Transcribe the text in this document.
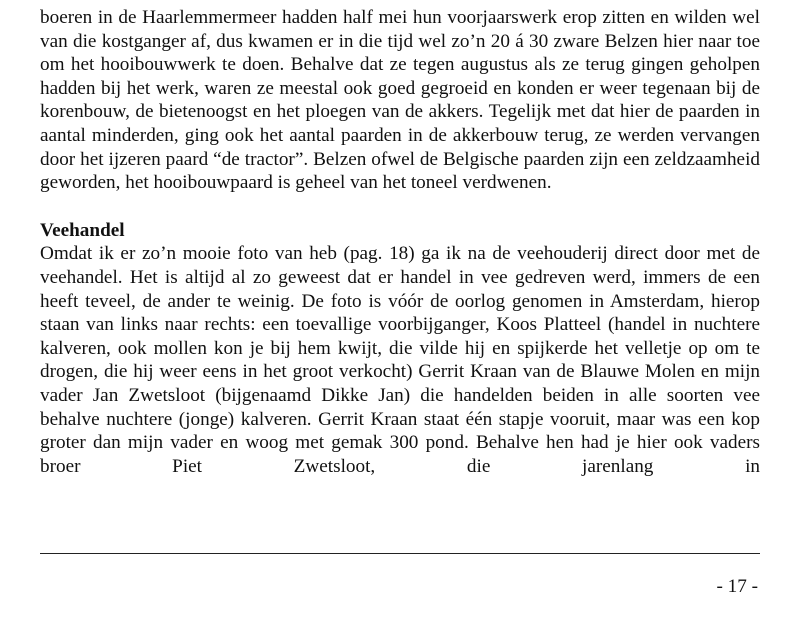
boeren in de Haarlemmermeer hadden half mei hun voorjaarswerk erop zitten en wilden wel van die kostganger af, dus kwamen er in die tijd wel zo’n 20 á 30 zware Belzen hier naar toe om het hooibouwwerk te doen. Behalve dat ze tegen augustus als ze terug gingen geholpen hadden bij het werk, waren ze meestal ook goed gegroeid en konden er weer tegenaan bij de korenbouw, de bietenoogst en het ploegen van de akkers. Tegelijk met dat hier de paarden in aantal minderden, ging ook het aantal paarden in de akkerbouw terug, ze werden vervangen door het ijzeren paard “de tractor”. Belzen ofwel de Belgische paarden zijn een zeldzaamheid geworden, het hooibouwpaard is geheel van het toneel verdwenen.

Veehandel

Omdat ik er zo’n mooie foto van heb (pag. 18) ga ik na de veehouderij direct door met de veehandel. Het is altijd al zo geweest dat er handel in vee gedreven werd, immers de een heeft teveel, de ander te weinig. De foto is vóór de oorlog genomen in Amsterdam, hierop staan van links naar rechts: een toevallige voorbijganger, Koos Platteel (handel in nuchtere kalveren, ook mollen kon je bij hem kwijt, die vilde hij en spijkerde het velletje op om te drogen, die hij weer eens in het groot verkocht) Gerrit Kraan van de Blauwe Molen en mijn vader Jan Zwetsloot (bijgenaamd Dikke Jan) die handelden beiden in alle soorten vee behalve nuchtere (jonge) kalveren. Gerrit Kraan staat één stapje vooruit, maar was een kop groter dan mijn vader en woog met gemak 300 pond. Behalve hen had je hier ook vaders broer Piet Zwetsloot, die jarenlang in

- 17 -
